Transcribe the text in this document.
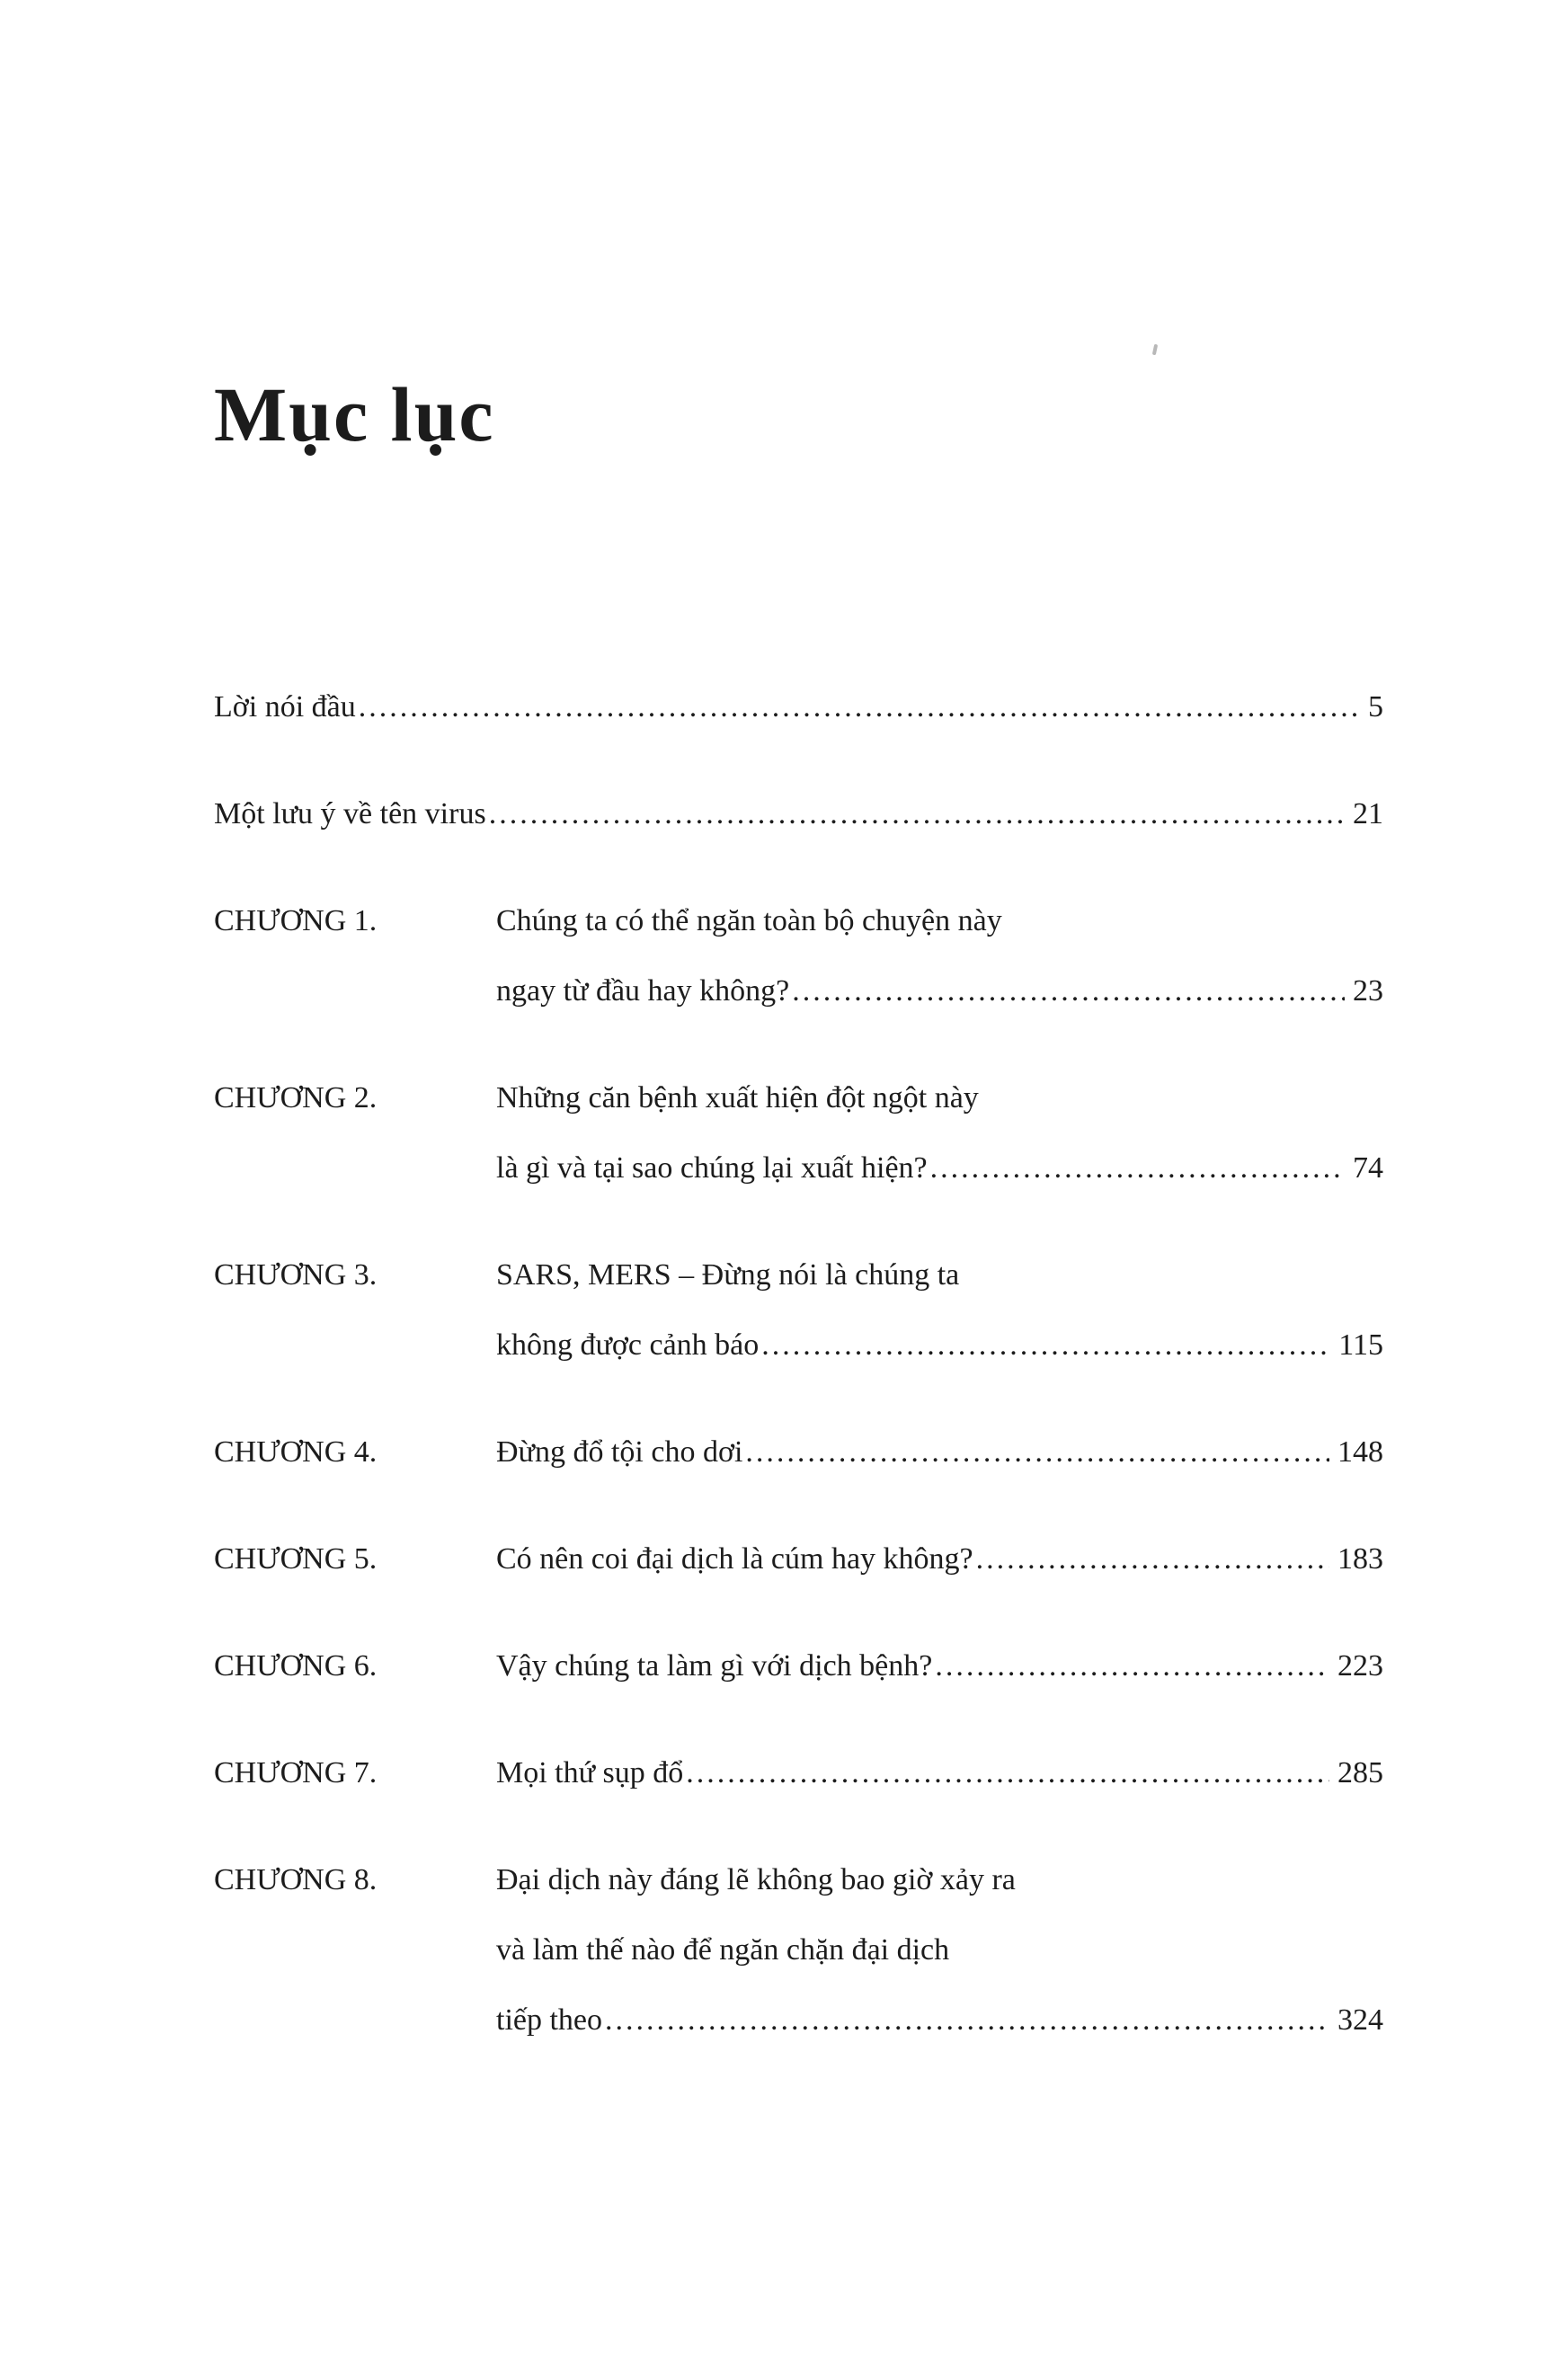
Mục lục
Lời nói đầu .....	5
Một lưu ý về tên virus .....	21
CHƯƠNG 1.	Chúng ta có thể ngăn toàn bộ chuyện này
ngay từ đầu hay không? .....	23
CHƯƠNG 2.	Những căn bệnh xuất hiện đột ngột này
là gì và tại sao chúng lại xuất hiện? .....	74
CHƯƠNG 3.	SARS, MERS – Đừng nói là chúng ta
không được cảnh báo .....	115
CHƯƠNG 4.	Đừng đổ tội cho dơi .....	148
CHƯƠNG 5.	Có nên coi đại dịch là cúm hay không? .....	183
CHƯƠNG 6.	Vậy chúng ta làm gì với dịch bệnh? .....	223
CHƯƠNG 7.	Mọi thứ sụp đổ .....	285
CHƯƠNG 8.	Đại dịch này đáng lẽ không bao giờ xảy ra
và làm thế nào để ngăn chặn đại dịch
tiếp theo .....	324
